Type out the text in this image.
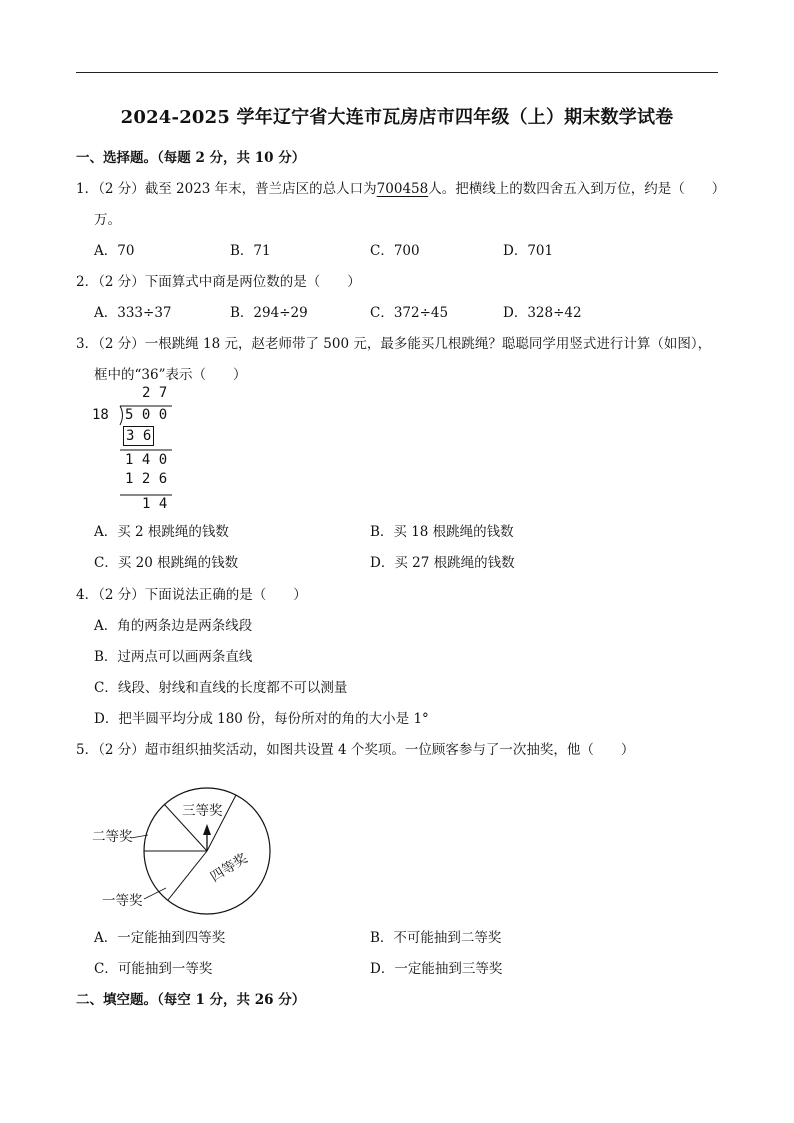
2024-2025 学年辽宁省大连市瓦房店市四年级（上）期末数学试卷
一、选择题。（每题 2 分，共 10 分）
1．（2 分）截至 2023 年末，普兰店区的总人口为700458人。把横线上的数四舍五入到万位，约是（　　）
万。
A．70	B．71	C．700	D．701
2．（2 分）下面算式中商是两位数的是（　　）
A．333÷37	B．294÷29	C．372÷45	D．328÷42
3．（2 分）一根跳绳 18 元，赵老师带了 500 元，最多能买几根跳绳？聪聪同学用竖式进行计算（如图），
框中的“36”表示（　　）
2 7
18 5 0 0
3 6
1 4 0
1 2 6
1 4
A．买 2 根跳绳的钱数	B．买 18 根跳绳的钱数
C．买 20 根跳绳的钱数	D．买 27 根跳绳的钱数
4．（2 分）下面说法正确的是（　　）
A．角的两条边是两条线段
B．过两点可以画两条直线
C．线段、射线和直线的长度都不可以测量
D．把半圆平均分成 180 份，每份所对的角的大小是 1°
5．（2 分）超市组织抽奖活动，如图共设置 4 个奖项。一位顾客参与了一次抽奖，他（　　）
三等奖
二等奖
四等奖
一等奖
A．一定能抽到四等奖	B．不可能抽到二等奖
C．可能抽到一等奖	D．一定能抽到三等奖
二、填空题。（每空 1 分，共 26 分）
